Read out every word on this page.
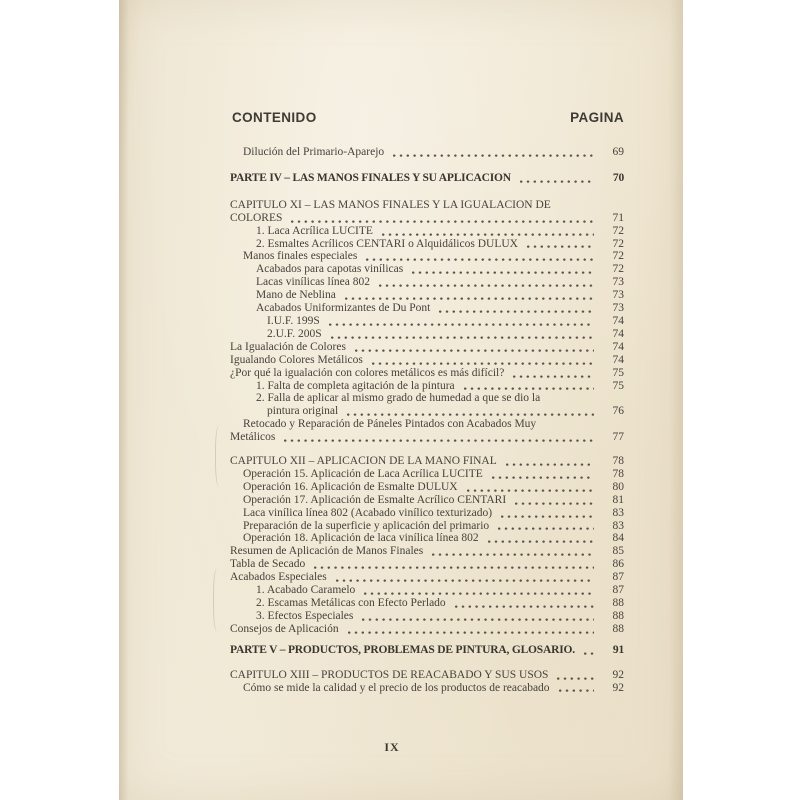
CONTENIDO	PAGINA
Dilución del Primario-Aparejo	69
PARTE IV – LAS MANOS FINALES Y SU APLICACION	70
CAPITULO XI – LAS MANOS FINALES Y LA IGUALACION DE
COLORES	71
1. Laca Acrílica LUCITE	72
2. Esmaltes Acrílicos CENTARI o Alquidálicos DULUX	72
Manos finales especiales	72
Acabados para capotas vinílicas	72
Lacas vinílicas línea 802	73
Mano de Neblina	73
Acabados Uniformizantes de Du Pont	73
I.U.F. 199S	74
2.U.F. 200S	74
La Igualación de Colores	74
Igualando Colores Metálicos	74
¿Por qué la igualación con colores metálicos es más difícil?	75
1. Falta de completa agitación de la pintura	75
2. Falla de aplicar al mismo grado de humedad a que se dio la
pintura original	76
Retocado y Reparación de Páneles Pintados con Acabados Muy
Metálicos	77
CAPITULO XII – APLICACION DE LA MANO FINAL	78
Operación 15. Aplicación de Laca Acrílica LUCITE	78
Operación 16. Aplicación de Esmalte DULUX	80
Operación 17. Aplicación de Esmalte Acrílico CENTARI	81
Laca vinílica línea 802 (Acabado vinílico texturizado)	83
Preparación de la superficie y aplicación del primario	83
Operación 18. Aplicación de laca vinílica línea 802	84
Resumen de Aplicación de Manos Finales	85
Tabla de Secado	86
Acabados Especiales	87
1. Acabado Caramelo	87
2. Escamas Metálicas con Efecto Perlado	88
3. Efectos Especiales	88
Consejos de Aplicación	88
PARTE V – PRODUCTOS, PROBLEMAS DE PINTURA, GLOSARIO.	91
CAPITULO XIII – PRODUCTOS DE REACABADO Y SUS USOS	92
Cómo se mide la calidad y el precio de los productos de reacabado	92
IX
